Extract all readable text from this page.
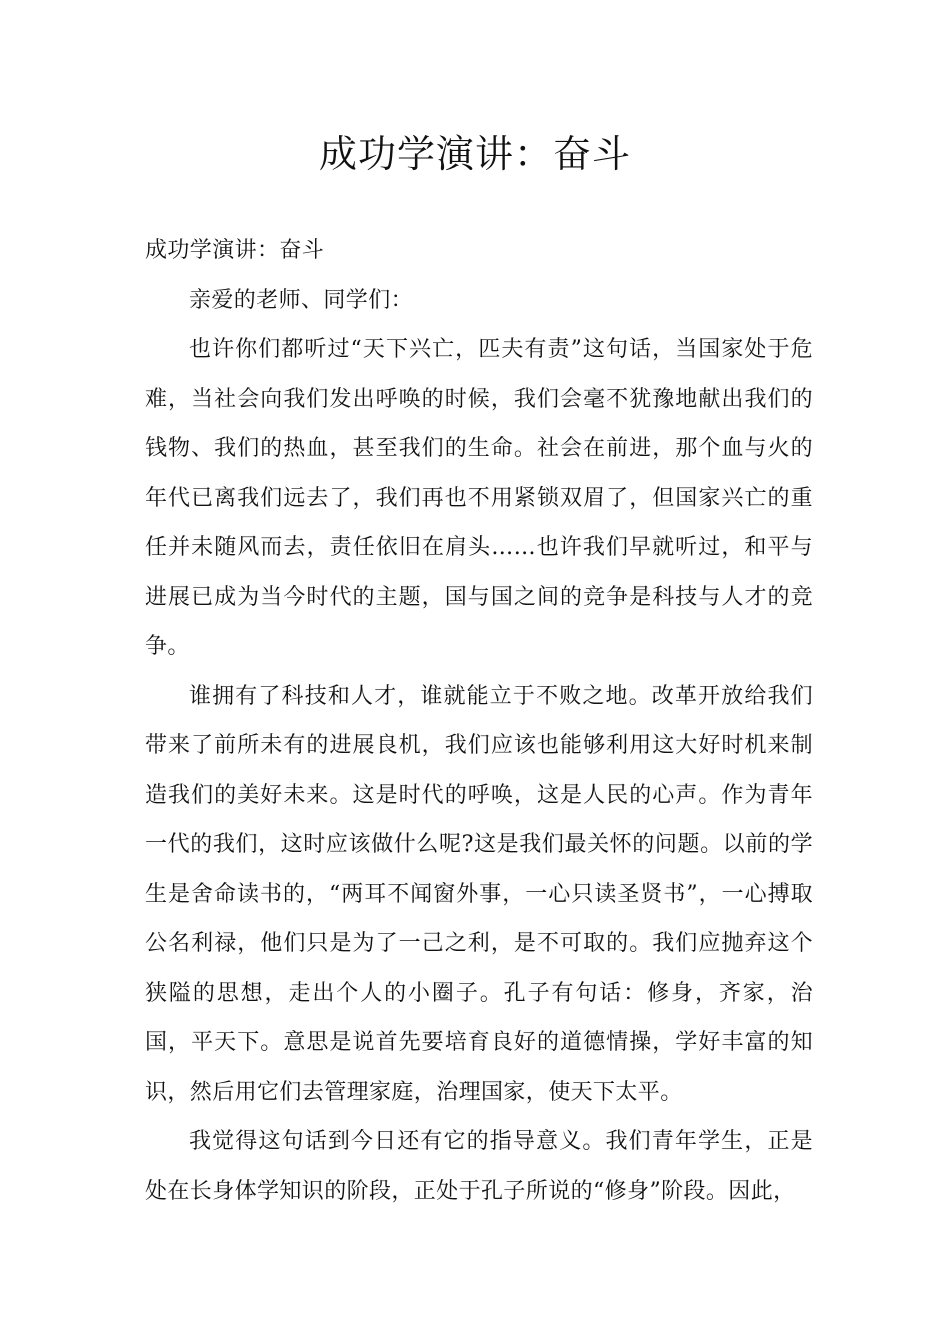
成功学演讲：奋斗

成功学演讲：奋斗

亲爱的老师、同学们：

也许你们都听过“天下兴亡，匹夫有责”这句话，当国家处于危难，当社会向我们发出呼唤的时候，我们会毫不犹豫地献出我们的钱物、我们的热血，甚至我们的生命。社会在前进，那个血与火的年代已离我们远去了，我们再也不用紧锁双眉了，但国家兴亡的重任并未随风而去，责任依旧在肩头……也许我们早就听过，和平与进展已成为当今时代的主题，国与国之间的竞争是科技与人才的竞争。

谁拥有了科技和人才，谁就能立于不败之地。改革开放给我们带来了前所未有的进展良机，我们应该也能够利用这大好时机来制造我们的美好未来。这是时代的呼唤，这是人民的心声。作为青年一代的我们，这时应该做什么呢?这是我们最关怀的问题。以前的学生是舍命读书的，“两耳不闻窗外事，一心只读圣贤书”，一心搏取公名利禄，他们只是为了一己之利，是不可取的。我们应抛弃这个狭隘的思想，走出个人的小圈子。孔子有句话：修身，齐家，治国，平天下。意思是说首先要培育良好的道德情操，学好丰富的知识，然后用它们去管理家庭，治理国家，使天下太平。

我觉得这句话到今日还有它的指导意义。我们青年学生，正是处在长身体学知识的阶段，正处于孔子所说的“修身”阶段。因此，
